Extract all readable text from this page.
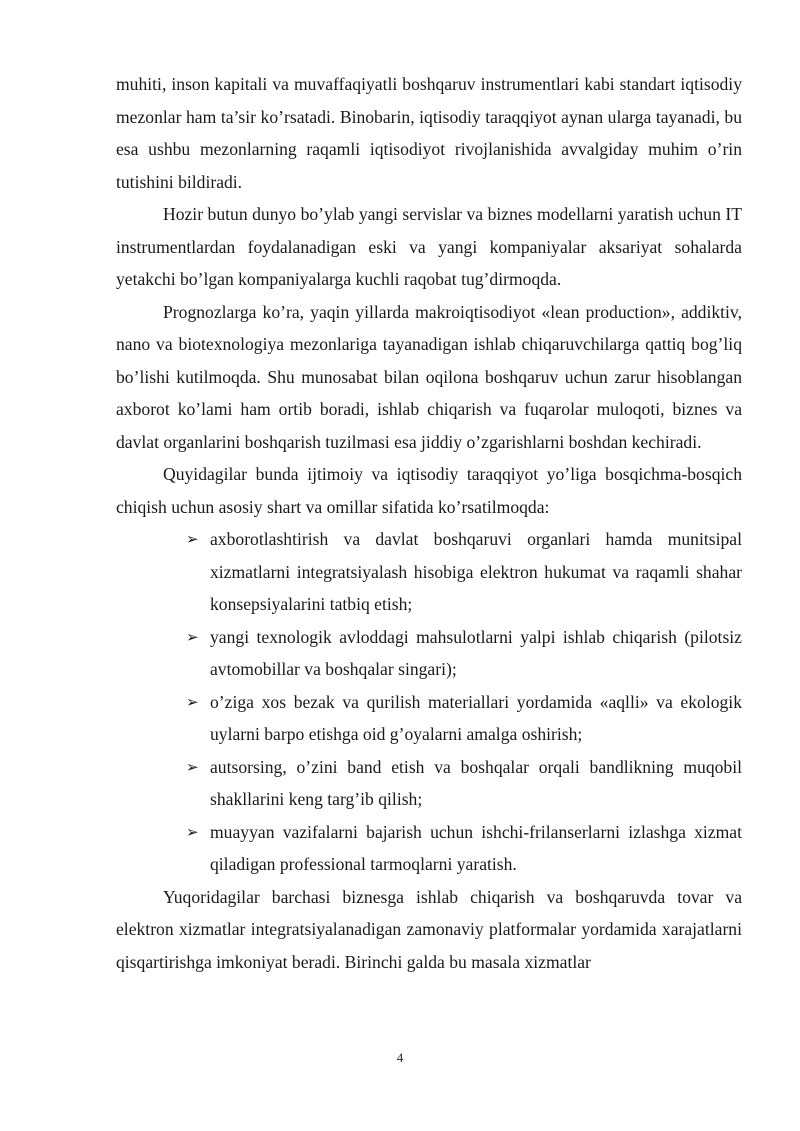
muhiti, inson kapitali va muvaffaqiyatli boshqaruv instrumentlari kabi standart iqtisodiy mezonlar ham ta’sir ko’rsatadi. Binobarin, iqtisodiy taraqqiyot aynan ularga tayanadi, bu esa ushbu mezonlarning raqamli iqtisodiyot rivojlanishida avvalgiday muhim o’rin tutishini bildiradi.

Hozir butun dunyo bo’ylab yangi servislar va biznes modellarni yaratish uchun IT instrumentlardan foydalanadigan eski va yangi kompaniyalar aksariyat sohalarda yetakchi bo’lgan kompaniyalarga kuchli raqobat tug’dirmoqda.

Prognozlarga ko’ra, yaqin yillarda makroiqtisodiyot «lean production», addiktiv, nano va biotexnologiya mezonlariga tayanadigan ishlab chiqaruvchilarga qattiq bog’liq bo’lishi kutilmoqda. Shu munosabat bilan oqilona boshqaruv uchun zarur hisoblangan axborot ko’lami ham ortib boradi, ishlab chiqarish va fuqarolar muloqoti, biznes va davlat organlarini boshqarish tuzilmasi esa jiddiy o’zgarishlarni boshdan kechiradi.

Quyidagilar bunda ijtimoiy va iqtisodiy taraqqiyot yo’liga bosqichma-bosqich chiqish uchun asosiy shart va omillar sifatida ko’rsatilmoqda:

➢ axborotlashtirish va davlat boshqaruvi organlari hamda munitsipal xizmatlarni integratsiyalash hisobiga elektron hukumat va raqamli shahar konsepsiyalarini tatbiq etish;
➢ yangi texnologik avloddagi mahsulotlarni yalpi ishlab chiqarish (pilotsiz avtomobillar va boshqalar singari);
➢ o’ziga xos bezak va qurilish materiallari yordamida «aqlli» va ekologik uylarni barpo etishga oid g’oyalarni amalga oshirish;
➢ autsorsing, o’zini band etish va boshqalar orqali bandlikning muqobil shakllarini keng targ’ib qilish;
➢ muayyan vazifalarni bajarish uchun ishchi-frilanserlarni izlashga xizmat qiladigan professional tarmoqlarni yaratish.

Yuqoridagilar barchasi biznesga ishlab chiqarish va boshqaruvda tovar va elektron xizmatlar integratsiyalanadigan zamonaviy platformalar yordamida xarajatlarni qisqartirishga imkoniyat beradi. Birinchi galda bu masala xizmatlar

4
